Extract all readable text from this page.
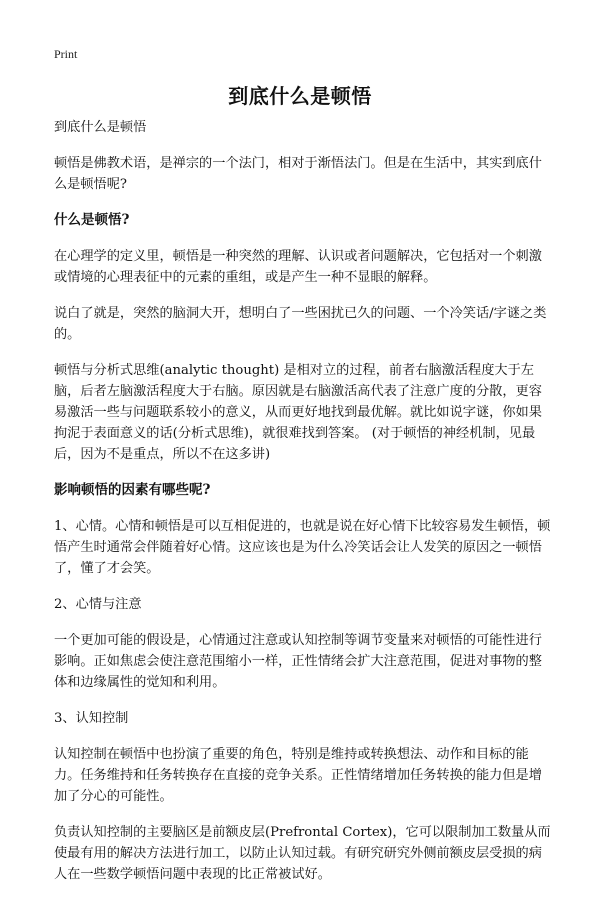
Print
到底什么是顿悟

到底什么是顿悟

顿悟是佛教术语，是禅宗的一个法门，相对于渐悟法门。但是在生活中，其实到底什么是顿悟呢?

什么是顿悟?

在心理学的定义里，顿悟是一种突然的理解、认识或者问题解决，它包括对一个刺激或情境的心理表征中的元素的重组，或是产生一种不显眼的解释。

说白了就是，突然的脑洞大开，想明白了一些困扰已久的问题、一个冷笑话/字谜之类的。

顿悟与分析式思维(analytic thought) 是相对立的过程，前者右脑激活程度大于左脑，后者左脑激活程度大于右脑。原因就是右脑激活高代表了注意广度的分散，更容易激活一些与问题联系较小的意义，从而更好地找到最优解。就比如说字谜，你如果拘泥于表面意义的话(分析式思维)，就很难找到答案。 (对于顿悟的神经机制，见最后，因为不是重点，所以不在这多讲)

影响顿悟的因素有哪些呢?

1、心情。心情和顿悟是可以互相促进的，也就是说在好心情下比较容易发生顿悟，顿悟产生时通常会伴随着好心情。这应该也是为什么冷笑话会让人发笑的原因之一顿悟了，懂了才会笑。

2、心情与注意

一个更加可能的假设是，心情通过注意或认知控制等调节变量来对顿悟的可能性进行影响。正如焦虑会使注意范围缩小一样，正性情绪会扩大注意范围，促进对事物的整体和边缘属性的觉知和利用。

3、认知控制

认知控制在顿悟中也扮演了重要的角色，特别是维持或转换想法、动作和目标的能力。任务维持和任务转换存在直接的竞争关系。正性情绪增加任务转换的能力但是增加了分心的可能性。

负责认知控制的主要脑区是前额皮层(Prefrontal Cortex)，它可以限制加工数量从而使最有用的解决方法进行加工，以防止认知过载。有研究研究外侧前额皮层受损的病人在一些数学顿悟问题中表现的比正常被试好。
